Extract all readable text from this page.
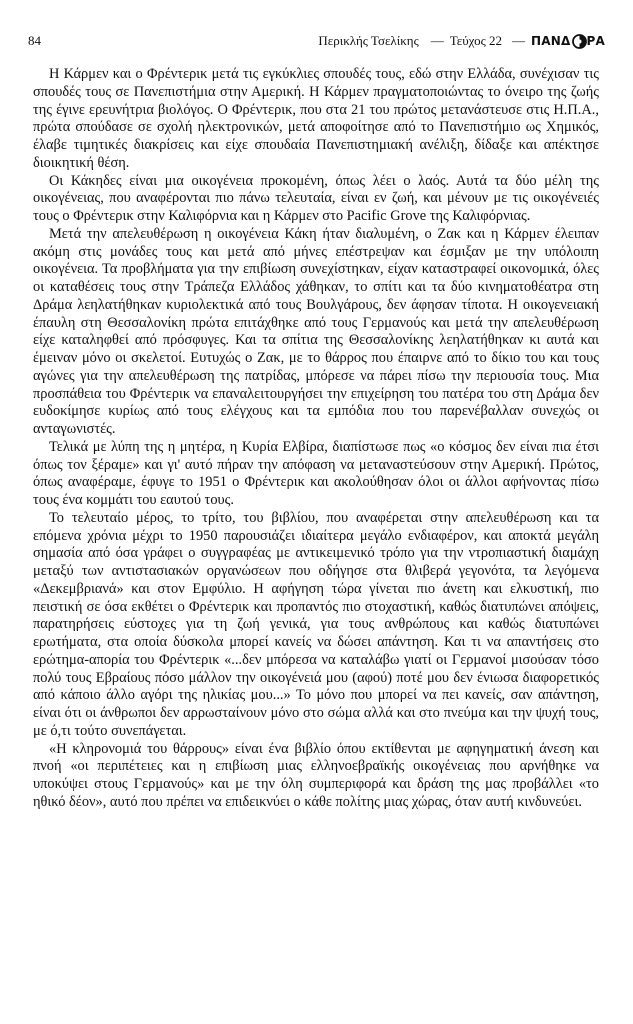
84	Περικλής Τσελίκης — Τεύχος 22 — ΠΑΝΔ ΡΑ

Η Κάρμεν και ο Φρέντερικ μετά τις εγκύκλιες σπουδές τους, εδώ στην Ελλάδα, συνέχισαν τις σπουδές τους σε Πανεπιστήμια στην Αμερική. Η Κάρμεν πραγματοποιώντας το όνειρο της ζωής της έγινε ερευνήτρια βιολόγος. Ο Φρέντερικ, που στα 21 του πρώτος μετανάστευσε στις Η.Π.Α., πρώτα σπούδασε σε σχολή ηλεκτρονικών, μετά αποφοίτησε από το Πανεπιστήμιο ως Χημικός, έλαβε τιμητικές διακρίσεις και είχε σπουδαία Πανεπιστημιακή ανέλιξη, δίδαξε και απέκτησε διοικητική θέση.

Οι Κάκηδες είναι μια οικογένεια προκομένη, όπως λέει ο λαός. Αυτά τα δύο μέλη της οικογένειας, που αναφέρονται πιο πάνω τελευταία, είναι εν ζωή, και μένουν με τις οικογένειές τους ο Φρέντερικ στην Καλιφόρνια και η Κάρμεν στο Pacific Grove της Καλιφόρνιας.

Μετά την απελευθέρωση η οικογένεια Κάκη ήταν διαλυμένη, ο Ζακ και η Κάρμεν έλειπαν ακόμη στις μονάδες τους και μετά από μήνες επέστρεψαν και έσμιξαν με την υπόλοιπη οικογένεια. Τα προβλήματα για την επιβίωση συνεχίστηκαν, είχαν καταστραφεί οικονομικά, όλες οι καταθέσεις τους στην Τράπεζα Ελλάδος χάθηκαν, το σπίτι και τα δύο κινηματοθέατρα στη Δράμα λεηλατήθηκαν κυριολεκτικά από τους Βουλγάρους, δεν άφησαν τίποτα. Η οικογενειακή έπαυλη στη Θεσσαλονίκη πρώτα επιτάχθηκε από τους Γερμανούς και μετά την απελευθέρωση είχε καταληφθεί από πρόσφυγες. Και τα σπίτια της Θεσσαλονίκης λεηλατήθηκαν κι αυτά και έμειναν μόνο οι σκελετοί. Ευτυχώς ο Ζακ, με το θάρρος που έπαιρνε από το δίκιο του και τους αγώνες για την απελευθέρωση της πατρίδας, μπόρεσε να πάρει πίσω την περιουσία τους. Μια προσπάθεια του Φρέντερικ να επαναλειτουργήσει την επιχείρηση του πατέρα του στη Δράμα δεν ευδοκίμησε κυρίως από τους ελέγχους και τα εμπόδια που του παρενέβαλλαν συνεχώς οι ανταγωνιστές.

Τελικά με λύπη της η μητέρα, η Κυρία Ελβίρα, διαπίστωσε πως «ο κόσμος δεν είναι πια έτσι όπως τον ξέραμε» και γι' αυτό πήραν την απόφαση να μεταναστεύσουν στην Αμερική. Πρώτος, όπως αναφέραμε, έφυγε το 1951 ο Φρέντερικ και ακολούθησαν όλοι οι άλλοι αφήνοντας πίσω τους ένα κομμάτι του εαυτού τους.

Το τελευταίο μέρος, το τρίτο, του βιβλίου, που αναφέρεται στην απελευθέρωση και τα επόμενα χρόνια μέχρι το 1950 παρουσιάζει ιδιαίτερα μεγάλο ενδιαφέρον, και αποκτά μεγάλη σημασία από όσα γράφει ο συγγραφέας με αντικειμενικό τρόπο για την ντροπιαστική διαμάχη μεταξύ των αντιστασιακών οργανώσεων που οδήγησε στα θλιβερά γεγονότα, τα λεγόμενα «Δεκεμβριανά» και στον Εμφύλιο. Η αφήγηση τώρα γίνεται πιο άνετη και ελκυστική, πιο πειστική σε όσα εκθέτει ο Φρέντερικ και προπαντός πιο στοχαστική, καθώς διατυπώνει απόψεις, παρατηρήσεις εύστοχες για τη ζωή γενικά, για τους ανθρώπους και καθώς διατυπώνει ερωτήματα, στα οποία δύσκολα μπορεί κανείς να δώσει απάντηση. Και τι να απαντήσεις στο ερώτημα-απορία του Φρέντερικ «...δεν μπόρεσα να καταλάβω γιατί οι Γερμανοί μισούσαν τόσο πολύ τους Εβραίους πόσο μάλλον την οικογένειά μου (αφού) ποτέ μου δεν ένιωσα διαφορετικός από κάποιο άλλο αγόρι της ηλικίας μου...» Το μόνο που μπορεί να πει κανείς, σαν απάντηση, είναι ότι οι άνθρωποι δεν αρρωσταίνουν μόνο στο σώμα αλλά και στο πνεύμα και την ψυχή τους, με ό,τι τούτο συνεπάγεται.

«Η κληρονομιά του θάρρους» είναι ένα βιβλίο όπου εκτίθενται με αφηγηματική άνεση και πνοή «οι περιπέτειες και η επιβίωση μιας ελληνοεβραϊκής οικογένειας που αρνήθηκε να υποκύψει στους Γερμανούς» και με την όλη συμπεριφορά και δράση της μας προβάλλει «το ηθικό δέον», αυτό που πρέπει να επιδεικνύει ο κάθε πολίτης μιας χώρας, όταν αυτή κινδυνεύει.
